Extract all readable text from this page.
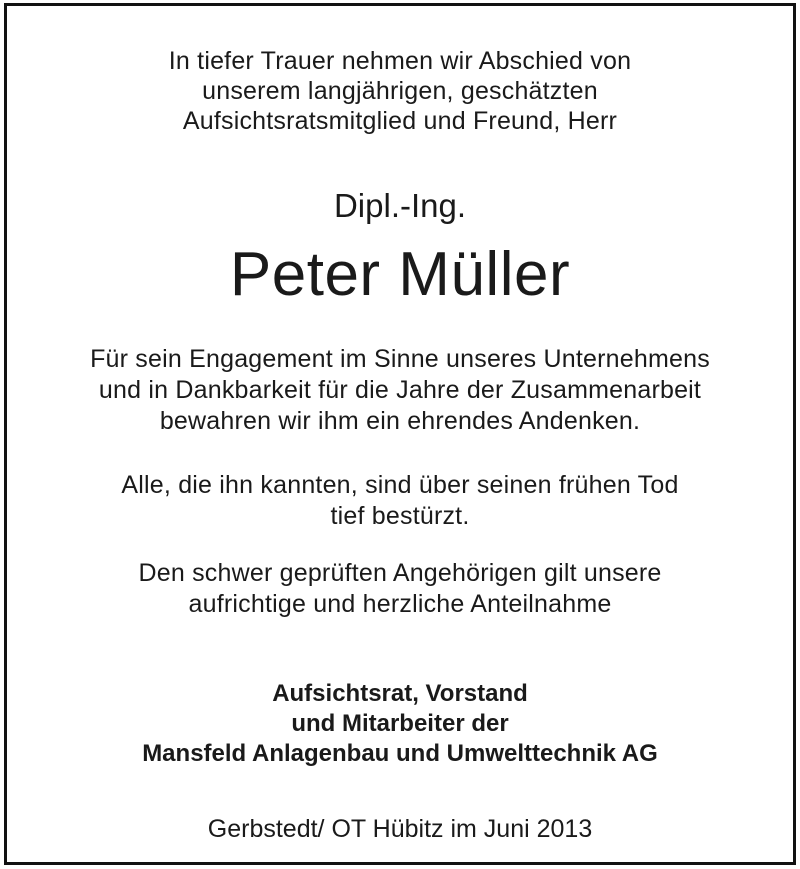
In tiefer Trauer nehmen wir Abschied von
unserem langjährigen, geschätzten
Aufsichtsratsmitglied und Freund, Herr
Dipl.-Ing.
Peter Müller
Für sein Engagement im Sinne unseres Unternehmens
und in Dankbarkeit für die Jahre der Zusammenarbeit
bewahren wir ihm ein ehrendes Andenken.
Alle, die ihn kannten, sind über seinen frühen Tod
tief bestürzt.
Den schwer geprüften Angehörigen gilt unsere
aufrichtige und herzliche Anteilnahme
Aufsichtsrat, Vorstand
und Mitarbeiter der
Mansfeld Anlagenbau und Umwelttechnik AG
Gerbstedt/ OT Hübitz im Juni 2013
